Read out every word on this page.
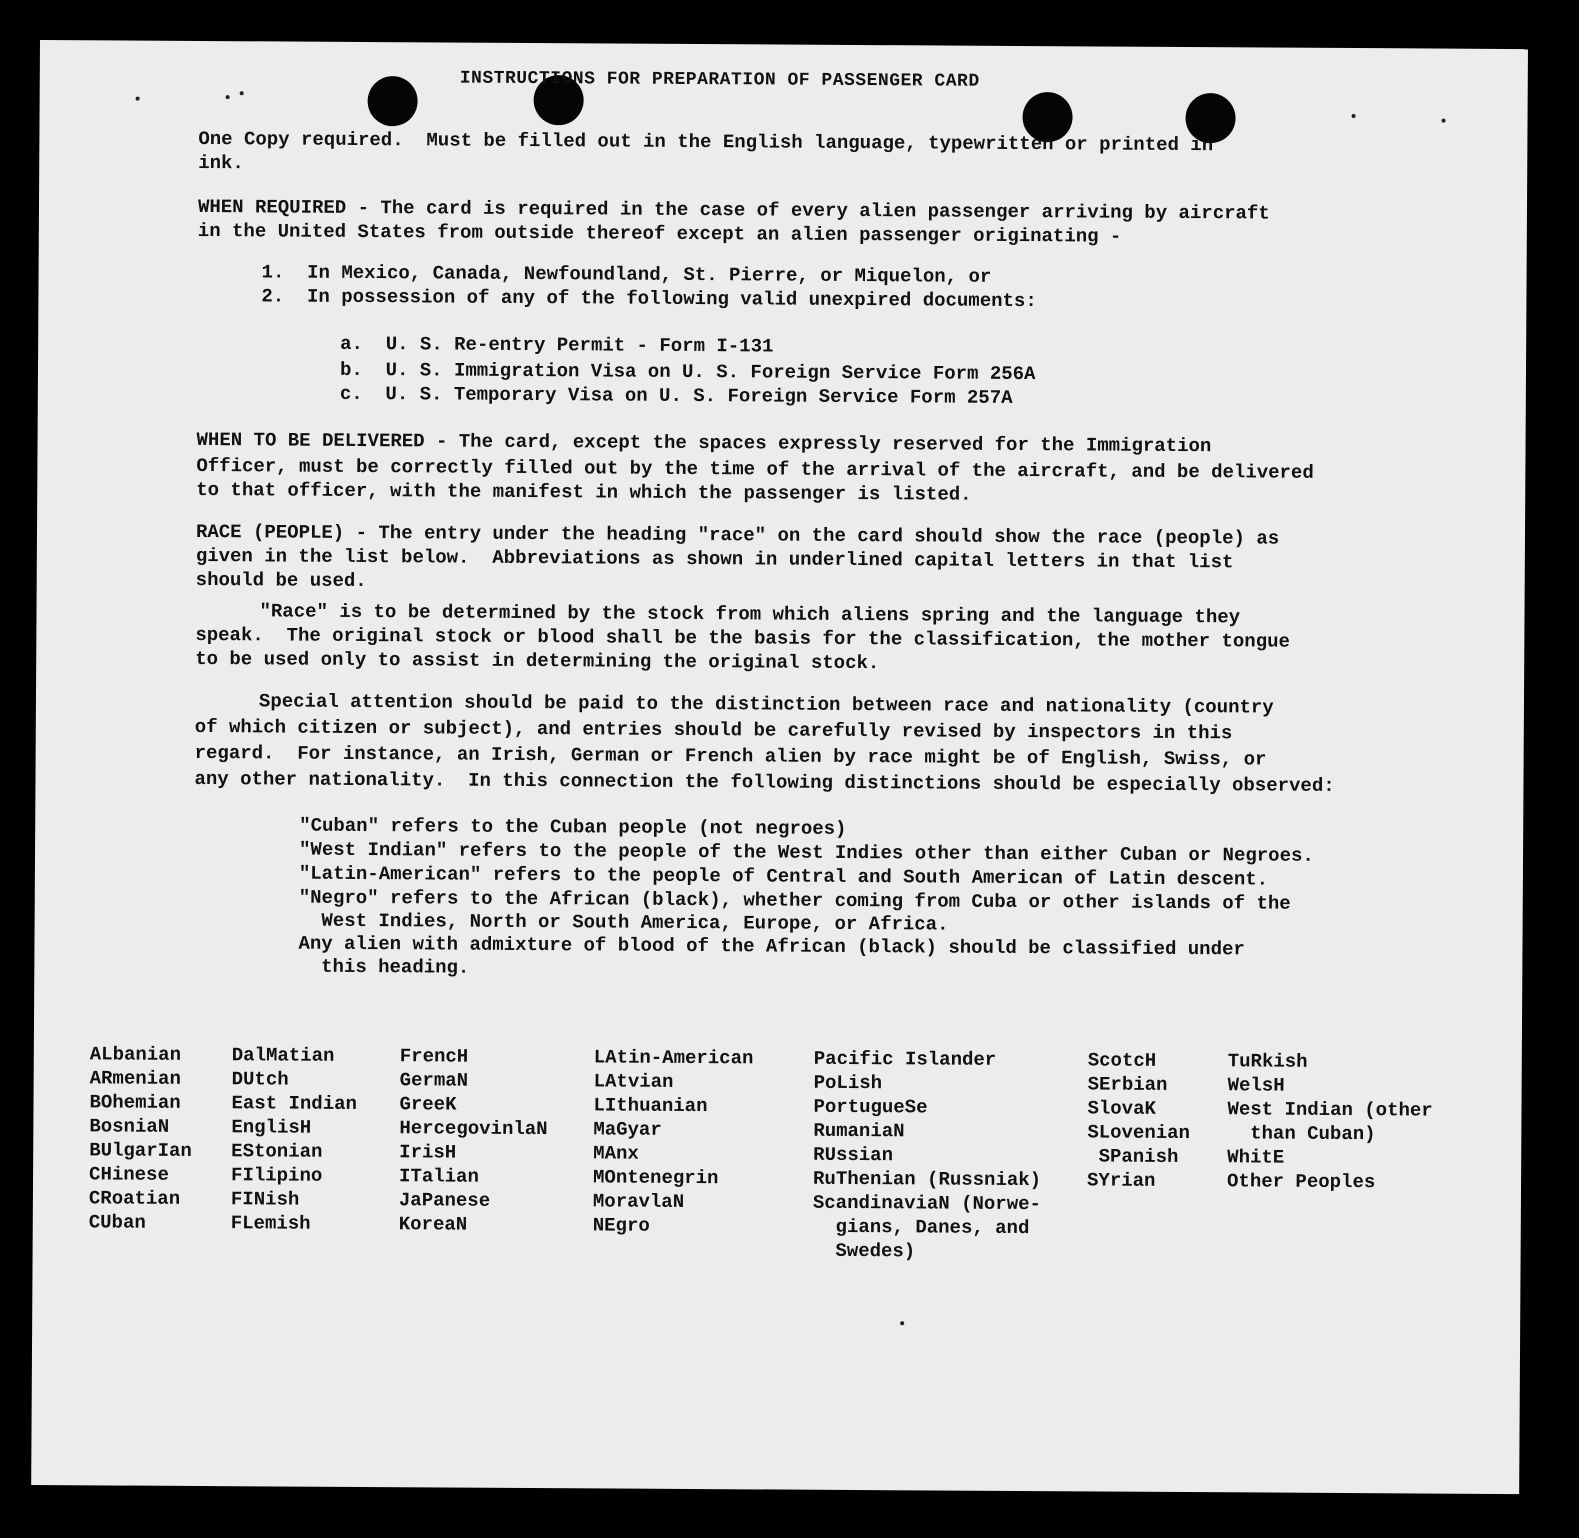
INSTRUCTIONS FOR PREPARATION OF PASSENGER CARD
One Copy required.  Must be filled out in the English language, typewritten or printed in
ink.
WHEN REQUIRED - The card is required in the case of every alien passenger arriving by aircraft
in the United States from outside thereof except an alien passenger originating -
1.  In Mexico, Canada, Newfoundland, St. Pierre, or Miquelon, or
2.  In possession of any of the following valid unexpired documents:
a.  U. S. Re-entry Permit - Form I-131
b.  U. S. Immigration Visa on U. S. Foreign Service Form 256A
c.  U. S. Temporary Visa on U. S. Foreign Service Form 257A
WHEN TO BE DELIVERED - The card, except the spaces expressly reserved for the Immigration
Officer, must be correctly filled out by the time of the arrival of the aircraft, and be delivered
to that officer, with the manifest in which the passenger is listed.
RACE (PEOPLE) - The entry under the heading "race" on the card should show the race (people) as
given in the list below.  Abbreviations as shown in underlined capital letters in that list
should be used.
"Race" is to be determined by the stock from which aliens spring and the language they
speak.  The original stock or blood shall be the basis for the classification, the mother tongue
to be used only to assist in determining the original stock.
Special attention should be paid to the distinction between race and nationality (country
of which citizen or subject), and entries should be carefully revised by inspectors in this
regard.  For instance, an Irish, German or French alien by race might be of English, Swiss, or
any other nationality.  In this connection the following distinctions should be especially observed:
"Cuban" refers to the Cuban people (not negroes)
"West Indian" refers to the people of the West Indies other than either Cuban or Negroes.
"Latin-American" refers to the people of Central and South American of Latin descent.
"Negro" refers to the African (black), whether coming from Cuba or other islands of the
West Indies, North or South America, Europe, or Africa.
Any alien with admixture of blood of the African (black) should be classified under
this heading.
ALbanian
ARmenian
BOhemian
BosniaN
BUlgarIan
CHinese
CRoatian
CUban
DalMatian
DUtch
East Indian
EnglisH
EStonian
FIlipino
FINish
FLemish
FrencH
GermaN
GreeK
HercegovinlaN
IrisH
ITalian
JaPanese
KoreaN
LAtin-American
LAtvian
LIthuanian
MaGyar
MAnx
MOntenegrin
MoravlaN
NEgro
Pacific Islander
PoLish
PortugueSe
RumaniaN
RUssian
RuThenian (Russniak)
ScandinaviaN (Norwe-
gians, Danes, and
Swedes)
ScotcH
SErbian
SlovaK
SLovenian
SPanish
SYrian
TuRkish
WelsH
West Indian (other
than Cuban)
WhitE
Other Peoples
